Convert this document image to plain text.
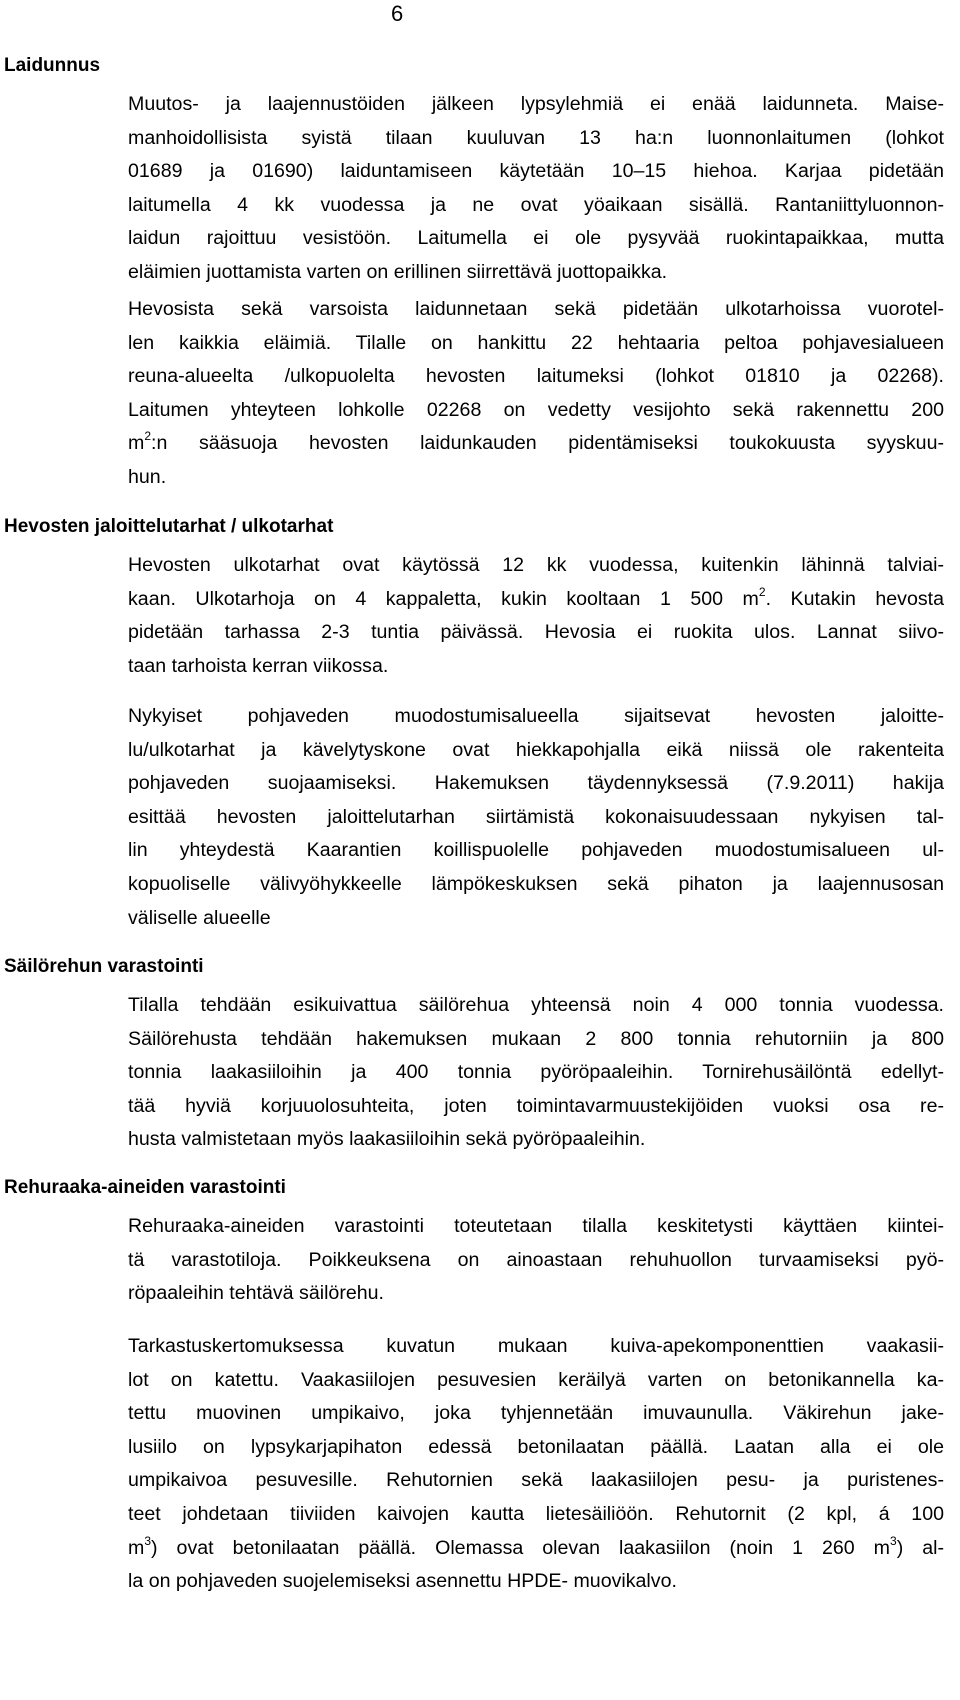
6
Laidunnus
Muutos- ja laajennustöiden jälkeen lypsylehmiä ei enää laidunneta. Maise-
manhoidollisista syistä tilaan kuuluvan 13 ha:n luonnonlaitumen (lohkot
01689 ja 01690) laiduntamiseen käytetään 10–15 hiehoa. Karjaa pidetään
laitumella 4 kk vuodessa ja ne ovat yöaikaan sisällä. Rantaniittyluonnon-
laidun rajoittuu vesistöön. Laitumella ei ole pysyvää ruokintapaikkaa, mutta
eläimien juottamista varten on erillinen siirrettävä juottopaikka.
Hevosista sekä varsoista laidunnetaan sekä pidetään ulkotarhoissa vuorotel-
len kaikkia eläimiä. Tilalle on hankittu 22 hehtaaria peltoa pohjavesialueen
reuna-alueelta /ulkopuolelta hevosten laitumeksi (lohkot 01810 ja 02268).
Laitumen yhteyteen lohkolle 02268 on vedetty vesijohto sekä rakennettu 200
$m^2:n$ sääsuoja hevosten laidunkauden pidentämiseksi toukokuusta syyskuu-
hun.
Hevosten jaloittelutarhat / ulkotarhat
Hevosten ulkotarhat ovat käytössä 12 kk vuodessa, kuitenkin lähinnä talviai-
kaan. Ulkotarhoja on 4 kappaletta, kukin kooltaan 1 500 $m^2$. Kutakin hevosta
pidetään tarhassa 2-3 tuntia päivässä. Hevosia ei ruokita ulos. Lannat siivo-
taan tarhoista kerran viikossa.
Nykyiset pohjaveden muodostumisalueella sijaitsevat hevosten jaloitte-
lu/ulkotarhat ja kävelytyskone ovat hiekkapohjalla eikä niissä ole rakenteita
pohjaveden suojaamiseksi. Hakemuksen täydennyksessä (7.9.2011) hakija
esittää hevosten jaloittelutarhan siirtämistä kokonaisuudessaan nykyisen tal-
lin yhteydestä Kaarantien koillispuolelle pohjaveden muodostumisalueen ul-
kopuoliselle välivyöhykkeelle lämpökeskuksen sekä pihaton ja laajennusosan
väliselle alueelle
Säilörehun varastointi
Tilalla tehdään esikuivattua säilörehua yhteensä noin 4 000 tonnia vuodessa.
Säilörehusta tehdään hakemuksen mukaan 2 800 tonnia rehutorniin ja 800
tonnia laakasiiloihin ja 400 tonnia pyöröpaaleihin. Tornirehusäilöntä edellyt-
tää hyviä korjuuolosuhteita, joten toimintavarmuustekijöiden vuoksi osa re-
husta valmistetaan myös laakasiiloihin sekä pyöröpaaleihin.
Rehuraaka-aineiden varastointi
Rehuraaka-aineiden varastointi toteutetaan tilalla keskitetysti käyttäen kiintei-
tä varastotiloja. Poikkeuksena on ainoastaan rehuhuollon turvaamiseksi pyö-
röpaaleihin tehtävä säilörehu.
Tarkastuskertomuksessa kuvatun mukaan kuiva-apekomponenttien vaakasii-
lot on katettu. Vaakasiilojen pesuvesien keräilyä varten on betonikannella ka-
tettu muovinen umpikaivo, joka tyhjennetään imuvaunulla. Väkirehun jake-
lusiilo on lypsykarjapihaton edessä betonilaatan päällä. Laatan alla ei ole
umpikaivoa pesuvesille. Rehutornien sekä laakasiilojen pesu- ja puristenes-
teet johdetaan tiiviiden kaivojen kautta lietesäiliöön. Rehutornit (2 kpl, á 100
$m^3$) ovat betonilaatan päällä. Olemassa olevan laakasiilon (noin 1 260 $m^3$) al-
la on pohjaveden suojelemiseksi asennettu HPDE- muovikalvo.
